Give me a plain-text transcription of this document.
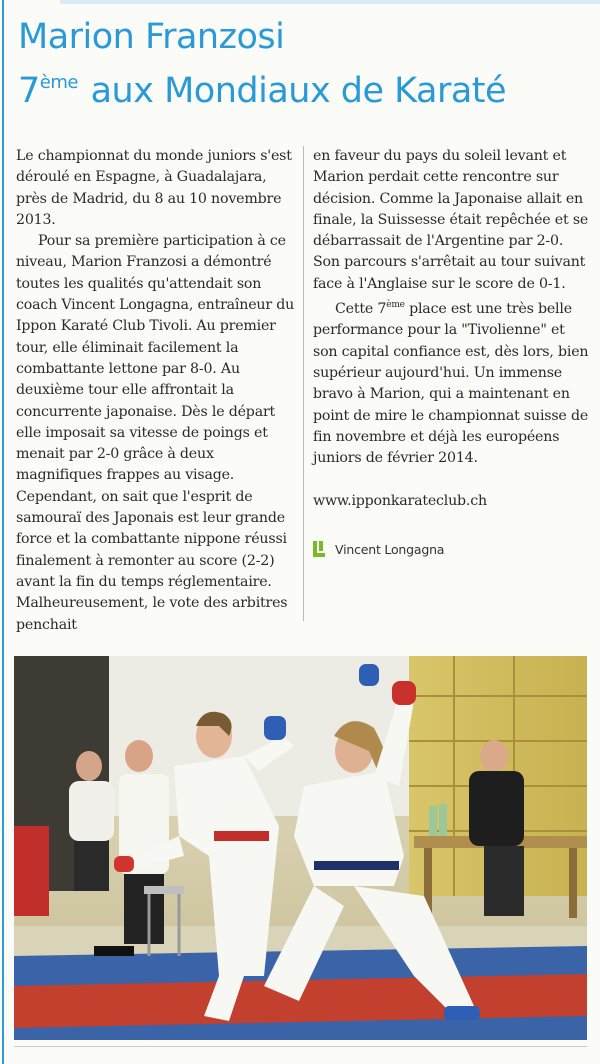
Marion Franzosi
7ème aux Mondiaux de Karaté

Le championnat du monde juniors s'est déroulé en Espagne, à Guadalajara, près de Madrid, du 8 au 10 novembre 2013.

Pour sa première participation à ce niveau, Marion Franzosi a démontré toutes les qualités qu'attendait son coach Vincent Longagna, entraîneur du Ippon Karaté Club Tivoli. Au premier tour, elle éliminait facilement la combattante lettone par 8-0. Au deuxième tour elle affrontait la concurrente japonaise. Dès le départ elle imposait sa vitesse de poings et menait par 2-0 grâce à deux magnifiques frappes au visage. Cependant, on sait que l'esprit de samouraï des Japonais est leur grande force et la combattante nippone réussi finalement à remonter au score (2-2) avant la fin du temps réglementaire. Malheureusement, le vote des arbitres penchait

en faveur du pays du soleil levant et Marion perdait cette rencontre sur décision. Comme la Japonaise allait en finale, la Suissesse était repêchée et se débarrassait de l'Argentine par 2-0. Son parcours s'arrêtait au tour suivant face à l'Anglaise sur le score de 0-1.

Cette 7ème place est une très belle performance pour la "Tivolienne" et son capital confiance est, dès lors, bien supérieur aujourd'hui. Un immense bravo à Marion, qui a maintenant en point de mire le championnat suisse de fin novembre et déjà les européens juniors de février 2014.

www.ipponkarateclub.ch

Vincent Longagna
